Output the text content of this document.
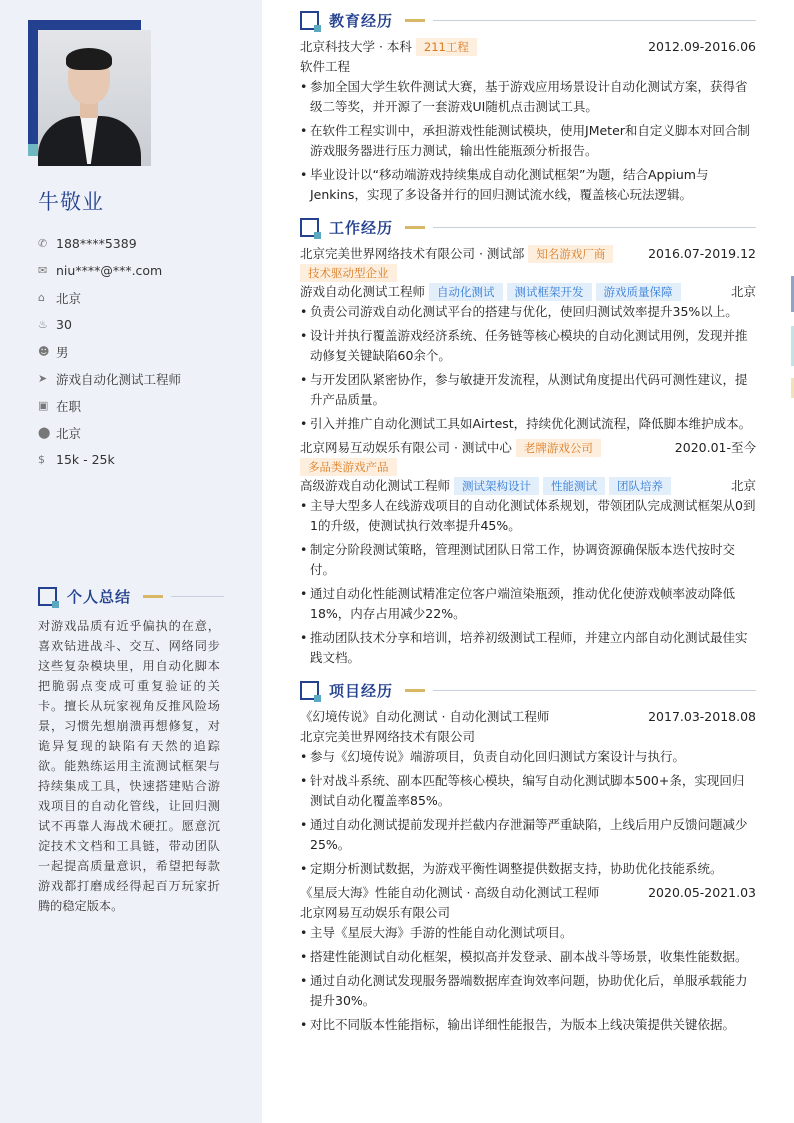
牛敬业
✆ 188****5389
✉ niu****@***.com
⌂ 北京
♨ 30
☻ 男
➤ 游戏自动化测试工程师
▣ 在职
⬤ 北京
$ 15k - 25k
个人总结
对游戏品质有近乎偏执的在意，喜欢钻进战斗、交互、网络同步这些复杂模块里，用自动化脚本把脆弱点变成可重复验证的关卡。擅长从玩家视角反推风险场景，习惯先想崩溃再想修复，对诡异复现的缺陷有天然的追踪欲。能熟练运用主流测试框架与持续集成工具，快速搭建贴合游戏项目的自动化管线，让回归测试不再靠人海战术硬扛。愿意沉淀技术文档和工具链，带动团队一起提高质量意识，希望把每款游戏都打磨成经得起百万玩家折腾的稳定版本。
教育经历
北京科技大学 · 本科	211工程	2012.09-2016.06
软件工程
• 参加全国大学生软件测试大赛，基于游戏应用场景设计自动化测试方案，获得省级二等奖，并开源了一套游戏UI随机点击测试工具。
• 在软件工程实训中，承担游戏性能测试模块，使用JMeter和自定义脚本对回合制游戏服务器进行压力测试，输出性能瓶颈分析报告。
• 毕业设计以“移动端游戏持续集成自动化测试框架”为题，结合Appium与Jenkins，实现了多设备并行的回归测试流水线，覆盖核心玩法逻辑。
工作经历
北京完美世界网络技术有限公司 · 测试部	知名游戏厂商	2016.07-2019.12
技术驱动型企业
游戏自动化测试工程师	自动化测试	测试框架开发	游戏质量保障	北京
• 负责公司游戏自动化测试平台的搭建与优化，使回归测试效率提升35%以上。
• 设计并执行覆盖游戏经济系统、任务链等核心模块的自动化测试用例，发现并推动修复关键缺陷60余个。
• 与开发团队紧密协作，参与敏捷开发流程，从测试角度提出代码可测性建议，提升产品质量。
• 引入并推广自动化测试工具如Airtest，持续优化测试流程，降低脚本维护成本。
北京网易互动娱乐有限公司 · 测试中心	老牌游戏公司	2020.01-至今
多品类游戏产品
高级游戏自动化测试工程师	测试架构设计	性能测试	团队培养	北京
• 主导大型多人在线游戏项目的自动化测试体系规划，带领团队完成测试框架从0到1的升级，使测试执行效率提升45%。
• 制定分阶段测试策略，管理测试团队日常工作，协调资源确保版本迭代按时交付。
• 通过自动化性能测试精准定位客户端渲染瓶颈，推动优化使游戏帧率波动降低18%，内存占用减少22%。
• 推动团队技术分享和培训，培养初级测试工程师，并建立内部自动化测试最佳实践文档。
项目经历
《幻境传说》自动化测试 · 自动化测试工程师	2017.03-2018.08
北京完美世界网络技术有限公司
• 参与《幻境传说》端游项目，负责自动化回归测试方案设计与执行。
• 针对战斗系统、副本匹配等核心模块，编写自动化测试脚本500+条，实现回归测试自动化覆盖率85%。
• 通过自动化测试提前发现并拦截内存泄漏等严重缺陷，上线后用户反馈问题减少25%。
• 定期分析测试数据，为游戏平衡性调整提供数据支持，协助优化技能系统。
《星辰大海》性能自动化测试 · 高级自动化测试工程师	2020.05-2021.03
北京网易互动娱乐有限公司
• 主导《星辰大海》手游的性能自动化测试项目。
• 搭建性能测试自动化框架，模拟高并发登录、副本战斗等场景，收集性能数据。
• 通过自动化测试发现服务器端数据库查询效率问题，协助优化后，单服承载能力提升30%。
• 对比不同版本性能指标，输出详细性能报告，为版本上线决策提供关键依据。
